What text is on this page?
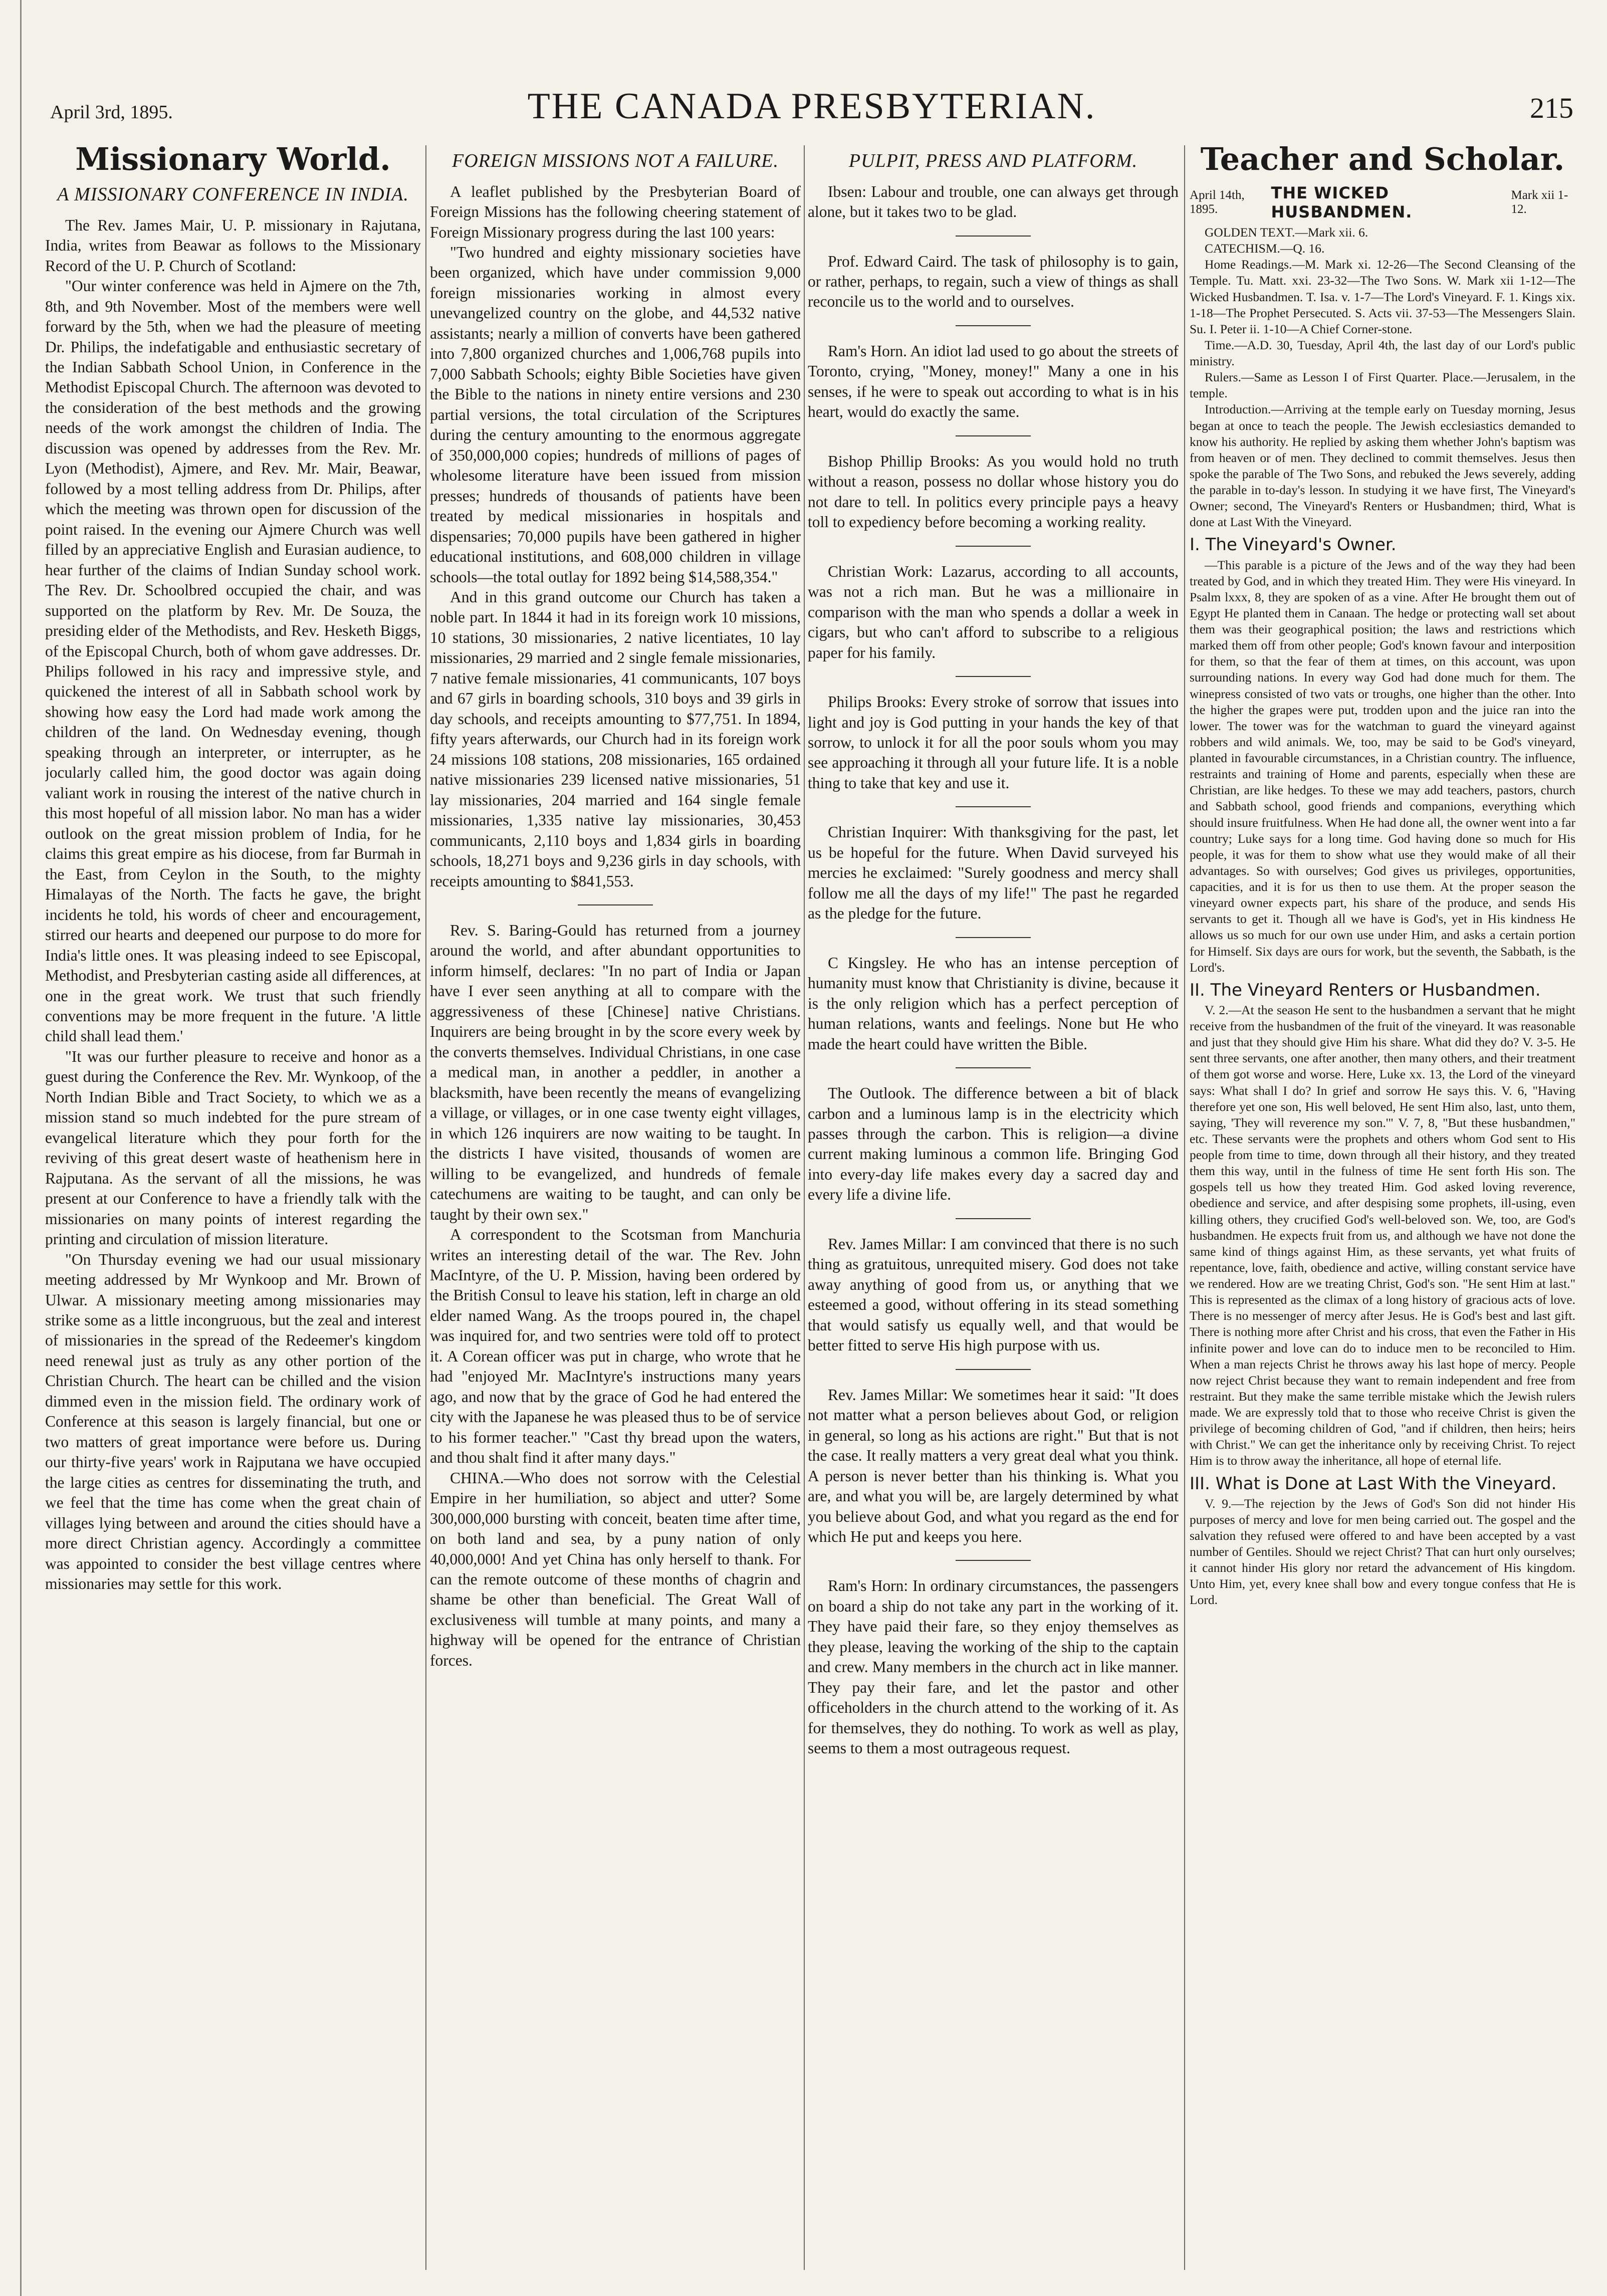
April 3rd, 1895.	THE CANADA PRESBYTERIAN.	215
Missionary World.
A MISSIONARY CONFERENCE IN INDIA.

The Rev. James Mair, U. P. missionary in Rajutana, India, writes from Beawar as follows to the Missionary Record of the U. P. Church of Scotland:

"Our winter conference was held in Ajmere on the 7th, 8th, and 9th November. Most of the members were well forward by the 5th, when we had the pleasure of meeting Dr. Philips, the indefatigable and enthusiastic secretary of the Indian Sabbath School Union, in Conference in the Methodist Episcopal Church. The afternoon was devoted to the consideration of the best methods and the growing needs of the work amongst the children of India. The discussion was opened by addresses from the Rev. Mr. Lyon (Methodist), Ajmere, and Rev. Mr. Mair, Beawar, followed by a most telling address from Dr. Philips, after which the meeting was thrown open for discussion of the point raised. In the evening our Ajmere Church was well filled by an appreciative English and Eurasian audience, to hear further of the claims of Indian Sunday school work. The Rev. Dr. Schoolbred occupied the chair, and was supported on the platform by Rev. Mr. De Souza, the presiding elder of the Methodists, and Rev. Hesketh Biggs, of the Episcopal Church, both of whom gave addresses. Dr. Philips followed in his racy and impressive style, and quickened the interest of all in Sabbath school work by showing how easy the Lord had made work among the children of the land. On Wednesday evening, though speaking through an interpreter, or interrupter, as he jocularly called him, the good doctor was again doing valiant work in rousing the interest of the native church in this most hopeful of all mission labor. No man has a wider outlook on the great mission problem of India, for he claims this great empire as his diocese, from far Burmah in the East, from Ceylon in the South, to the mighty Himalayas of the North. The facts he gave, the bright incidents he told, his words of cheer and encouragement, stirred our hearts and deepened our purpose to do more for India's little ones. It was pleasing indeed to see Episcopal, Methodist, and Presbyterian casting aside all differences, at one in the great work. We trust that such friendly conventions may be more frequent in the future. 'A little child shall lead them.'

"It was our further pleasure to receive and honor as a guest during the Conference the Rev. Mr. Wynkoop, of the North Indian Bible and Tract Society, to which we as a mission stand so much indebted for the pure stream of evangelical literature which they pour forth for the reviving of this great desert waste of heathenism here in Rajputana. As the servant of all the missions, he was present at our Conference to have a friendly talk with the missionaries on many points of interest regarding the printing and circulation of mission literature.

"On Thursday evening we had our usual missionary meeting addressed by Mr Wynkoop and Mr. Brown of Ulwar. A missionary meeting among missionaries may strike some as a little incongruous, but the zeal and interest of missionaries in the spread of the Redeemer's kingdom need renewal just as truly as any other portion of the Christian Church. The heart can be chilled and the vision dimmed even in the mission field. The ordinary work of Conference at this season is largely financial, but one or two matters of great importance were before us. During our thirty-five years' work in Rajputana we have occupied the large cities as centres for disseminating the truth, and we feel that the time has come when the great chain of villages lying between and around the cities should have a more direct Christian agency. Accordingly a committee was appointed to consider the best village centres where missionaries may settle for this work.

FOREIGN MISSIONS NOT A FAILURE.

A leaflet published by the Presbyterian Board of Foreign Missions has the following cheering statement of Foreign Missionary progress during the last 100 years:

"Two hundred and eighty missionary societies have been organized, which have under commission 9,000 foreign missionaries working in almost every unevangelized country on the globe, and 44,532 native assistants; nearly a million of converts have been gathered into 7,800 organized churches and 1,006,768 pupils into 7,000 Sabbath Schools; eighty Bible Societies have given the Bible to the nations in ninety entire versions and 230 partial versions, the total circulation of the Scriptures during the century amounting to the enormous aggregate of 350,000,000 copies; hundreds of millions of pages of wholesome literature have been issued from mission presses; hundreds of thousands of patients have been treated by medical missionaries in hospitals and dispensaries; 70,000 pupils have been gathered in higher educational institutions, and 608,000 children in village schools—the total outlay for 1892 being $14,588,354."

And in this grand outcome our Church has taken a noble part. In 1844 it had in its foreign work 10 missions, 10 stations, 30 missionaries, 2 native licentiates, 10 lay missionaries, 29 married and 2 single female missionaries, 7 native female missionaries, 41 communicants, 107 boys and 67 girls in boarding schools, 310 boys and 39 girls in day schools, and receipts amounting to $77,751. In 1894, fifty years afterwards, our Church had in its foreign work 24 missions 108 stations, 208 missionaries, 165 ordained native missionaries 239 licensed native missionaries, 51 lay missionaries, 204 married and 164 single female missionaries, 1,335 native lay missionaries, 30,453 communicants, 2,110 boys and 1,834 girls in boarding schools, 18,271 boys and 9,236 girls in day schools, with receipts amounting to $841,553.

Rev. S. Baring-Gould has returned from a journey around the world, and after abundant opportunities to inform himself, declares: "In no part of India or Japan have I ever seen anything at all to compare with the aggressiveness of these [Chinese] native Christians. Inquirers are being brought in by the score every week by the converts themselves. Individual Christians, in one case a medical man, in another a peddler, in another a blacksmith, have been recently the means of evangelizing a village, or villages, or in one case twenty eight villages, in which 126 inquirers are now waiting to be taught. In the districts I have visited, thousands of women are willing to be evangelized, and hundreds of female catechumens are waiting to be taught, and can only be taught by their own sex."

A correspondent to the Scotsman from Manchuria writes an interesting detail of the war. The Rev. John MacIntyre, of the U. P. Mission, having been ordered by the British Consul to leave his station, left in charge an old elder named Wang. As the troops poured in, the chapel was inquired for, and two sentries were told off to protect it. A Corean officer was put in charge, who wrote that he had "enjoyed Mr. MacIntyre's instructions many years ago, and now that by the grace of God he had entered the city with the Japanese he was pleased thus to be of service to his former teacher." "Cast thy bread upon the waters, and thou shalt find it after many days."

CHINA.—Who does not sorrow with the Celestial Empire in her humiliation, so abject and utter? Some 300,000,000 bursting with conceit, beaten time after time, on both land and sea, by a puny nation of only 40,000,000! And yet China has only herself to thank. For can the remote outcome of these months of chagrin and shame be other than beneficial. The Great Wall of exclusiveness will tumble at many points, and many a highway will be opened for the entrance of Christian forces.

PULPIT, PRESS AND PLATFORM.

Ibsen: Labour and trouble, one can always get through alone, but it takes two to be glad.

Prof. Edward Caird. The task of philosophy is to gain, or rather, perhaps, to regain, such a view of things as shall reconcile us to the world and to ourselves.

Ram's Horn. An idiot lad used to go about the streets of Toronto, crying, "Money, money!" Many a one in his senses, if he were to speak out according to what is in his heart, would do exactly the same.

Bishop Phillip Brooks: As you would hold no truth without a reason, possess no dollar whose history you do not dare to tell. In politics every principle pays a heavy toll to expediency before becoming a working reality.

Christian Work: Lazarus, according to all accounts, was not a rich man. But he was a millionaire in comparison with the man who spends a dollar a week in cigars, but who can't afford to subscribe to a religious paper for his family.

Philips Brooks: Every stroke of sorrow that issues into light and joy is God putting in your hands the key of that sorrow, to unlock it for all the poor souls whom you may see approaching it through all your future life. It is a noble thing to take that key and use it.

Christian Inquirer: With thanksgiving for the past, let us be hopeful for the future. When David surveyed his mercies he exclaimed: "Surely goodness and mercy shall follow me all the days of my life!" The past he regarded as the pledge for the future.

C Kingsley. He who has an intense perception of humanity must know that Christianity is divine, because it is the only religion which has a perfect perception of human relations, wants and feelings. None but He who made the heart could have written the Bible.

The Outlook. The difference between a bit of black carbon and a luminous lamp is in the electricity which passes through the carbon. This is religion—a divine current making luminous a common life. Bringing God into every-day life makes every day a sacred day and every life a divine life.

Rev. James Millar: I am convinced that there is no such thing as gratuitous, unrequited misery. God does not take away anything of good from us, or anything that we esteemed a good, without offering in its stead something that would satisfy us equally well, and that would be better fitted to serve His high purpose with us.

Rev. James Millar: We sometimes hear it said: "It does not matter what a person believes about God, or religion in general, so long as his actions are right." But that is not the case. It really matters a very great deal what you think. A person is never better than his thinking is. What you are, and what you will be, are largely determined by what you believe about God, and what you regard as the end for which He put and keeps you here.

Ram's Horn: In ordinary circumstances, the passengers on board a ship do not take any part in the working of it. They have paid their fare, so they enjoy themselves as they please, leaving the working of the ship to the captain and crew. Many members in the church act in like manner. They pay their fare, and let the pastor and other officeholders in the church attend to the working of it. As for themselves, they do nothing. To work as well as play, seems to them a most outrageous request.

Teacher and Scholar.
April 14th, 1895.
THE WICKED HUSBANDMEN.
Mark xii 1-12.

GOLDEN TEXT.—Mark xii. 6.

CATECHISM.—Q. 16.

Home Readings.—M. Mark xi. 12-26—The Second Cleansing of the Temple. Tu. Matt. xxi. 23-32—The Two Sons. W. Mark xii 1-12—The Wicked Husbandmen. T. Isa. v. 1-7—The Lord's Vineyard. F. 1. Kings xix. 1-18—The Prophet Persecuted. S. Acts vii. 37-53—The Messengers Slain. Su. I. Peter ii. 1-10—A Chief Corner-stone.

Time.—A.D. 30, Tuesday, April 4th, the last day of our Lord's public ministry.

Rulers.—Same as Lesson I of First Quarter. Place.—Jerusalem, in the temple.

Introduction.—Arriving at the temple early on Tuesday morning, Jesus began at once to teach the people. The Jewish ecclesiastics demanded to know his authority. He replied by asking them whether John's baptism was from heaven or of men. They declined to commit themselves. Jesus then spoke the parable of The Two Sons, and rebuked the Jews severely, adding the parable in to-day's lesson. In studying it we have first, The Vineyard's Owner; second, The Vineyard's Renters or Husbandmen; third, What is done at Last With the Vineyard.

I. The Vineyard's Owner.

—This parable is a picture of the Jews and of the way they had been treated by God, and in which they treated Him. They were His vineyard. In Psalm lxxx, 8, they are spoken of as a vine. After He brought them out of Egypt He planted them in Canaan. The hedge or protecting wall set about them was their geographical position; the laws and restrictions which marked them off from other people; God's known favour and interposition for them, so that the fear of them at times, on this account, was upon surrounding nations. In every way God had done much for them. The winepress consisted of two vats or troughs, one higher than the other. Into the higher the grapes were put, trodden upon and the juice ran into the lower. The tower was for the watchman to guard the vineyard against robbers and wild animals. We, too, may be said to be God's vineyard, planted in favourable circumstances, in a Christian country. The influence, restraints and training of Home and parents, especially when these are Christian, are like hedges. To these we may add teachers, pastors, church and Sabbath school, good friends and companions, everything which should insure fruitfulness. When He had done all, the owner went into a far country; Luke says for a long time. God having done so much for His people, it was for them to show what use they would make of all their advantages. So with ourselves; God gives us privileges, opportunities, capacities, and it is for us then to use them. At the proper season the vineyard owner expects part, his share of the produce, and sends His servants to get it. Though all we have is God's, yet in His kindness He allows us so much for our own use under Him, and asks a certain portion for Himself. Six days are ours for work, but the seventh, the Sabbath, is the Lord's.

II. The Vineyard Renters or Husbandmen.

V. 2.—At the season He sent to the husbandmen a servant that he might receive from the husbandmen of the fruit of the vineyard. It was reasonable and just that they should give Him his share. What did they do? V. 3-5. He sent three servants, one after another, then many others, and their treatment of them got worse and worse. Here, Luke xx. 13, the Lord of the vineyard says: What shall I do? In grief and sorrow He says this. V. 6, "Having therefore yet one son, His well beloved, He sent Him also, last, unto them, saying, 'They will reverence my son.'" V. 7, 8, "But these husbandmen," etc. These servants were the prophets and others whom God sent to His people from time to time, down through all their history, and they treated them this way, until in the fulness of time He sent forth His son. The gospels tell us how they treated Him. God asked loving reverence, obedience and service, and after despising some prophets, ill-using, even killing others, they crucified God's well-beloved son. We, too, are God's husbandmen. He expects fruit from us, and although we have not done the same kind of things against Him, as these servants, yet what fruits of repentance, love, faith, obedience and active, willing constant service have we rendered. How are we treating Christ, God's son. "He sent Him at last." This is represented as the climax of a long history of gracious acts of love. There is no messenger of mercy after Jesus. He is God's best and last gift. There is nothing more after Christ and his cross, that even the Father in His infinite power and love can do to induce men to be reconciled to Him. When a man rejects Christ he throws away his last hope of mercy. People now reject Christ because they want to remain independent and free from restraint. But they make the same terrible mistake which the Jewish rulers made. We are expressly told that to those who receive Christ is given the privilege of becoming children of God, "and if children, then heirs; heirs with Christ." We can get the inheritance only by receiving Christ. To reject Him is to throw away the inheritance, all hope of eternal life.

III. What is Done at Last With the Vineyard.

V. 9.—The rejection by the Jews of God's Son did not hinder His purposes of mercy and love for men being carried out. The gospel and the salvation they refused were offered to and have been accepted by a vast number of Gentiles. Should we reject Christ? That can hurt only ourselves; it cannot hinder His glory nor retard the advancement of His kingdom. Unto Him, yet, every knee shall bow and every tongue confess that He is Lord.
